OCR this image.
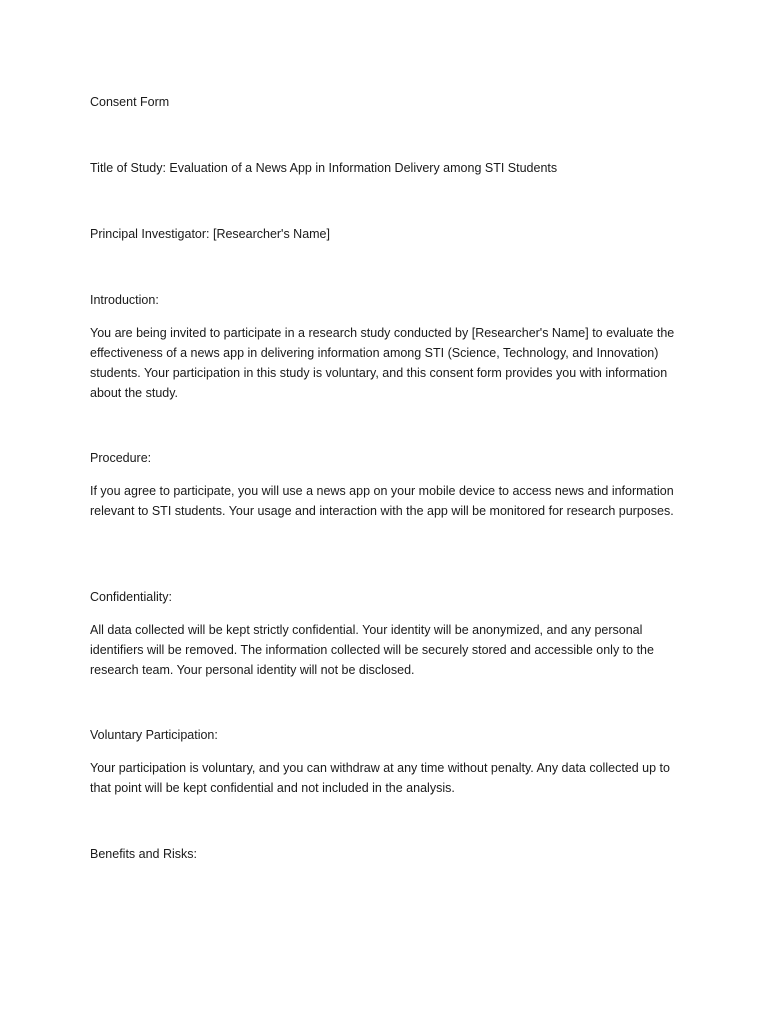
Consent Form

Title of Study: Evaluation of a News App in Information Delivery among STI Students

Principal Investigator: [Researcher's Name]

Introduction:

You are being invited to participate in a research study conducted by [Researcher's Name] to evaluate the effectiveness of a news app in delivering information among STI (Science, Technology, and Innovation) students. Your participation in this study is voluntary, and this consent form provides you with information about the study.

Procedure:

If you agree to participate, you will use a news app on your mobile device to access news and information relevant to STI students. Your usage and interaction with the app will be monitored for research purposes.

Confidentiality:

All data collected will be kept strictly confidential. Your identity will be anonymized, and any personal identifiers will be removed. The information collected will be securely stored and accessible only to the research team. Your personal identity will not be disclosed.

Voluntary Participation:

Your participation is voluntary, and you can withdraw at any time without penalty. Any data collected up to that point will be kept confidential and not included in the analysis.

Benefits and Risks:
